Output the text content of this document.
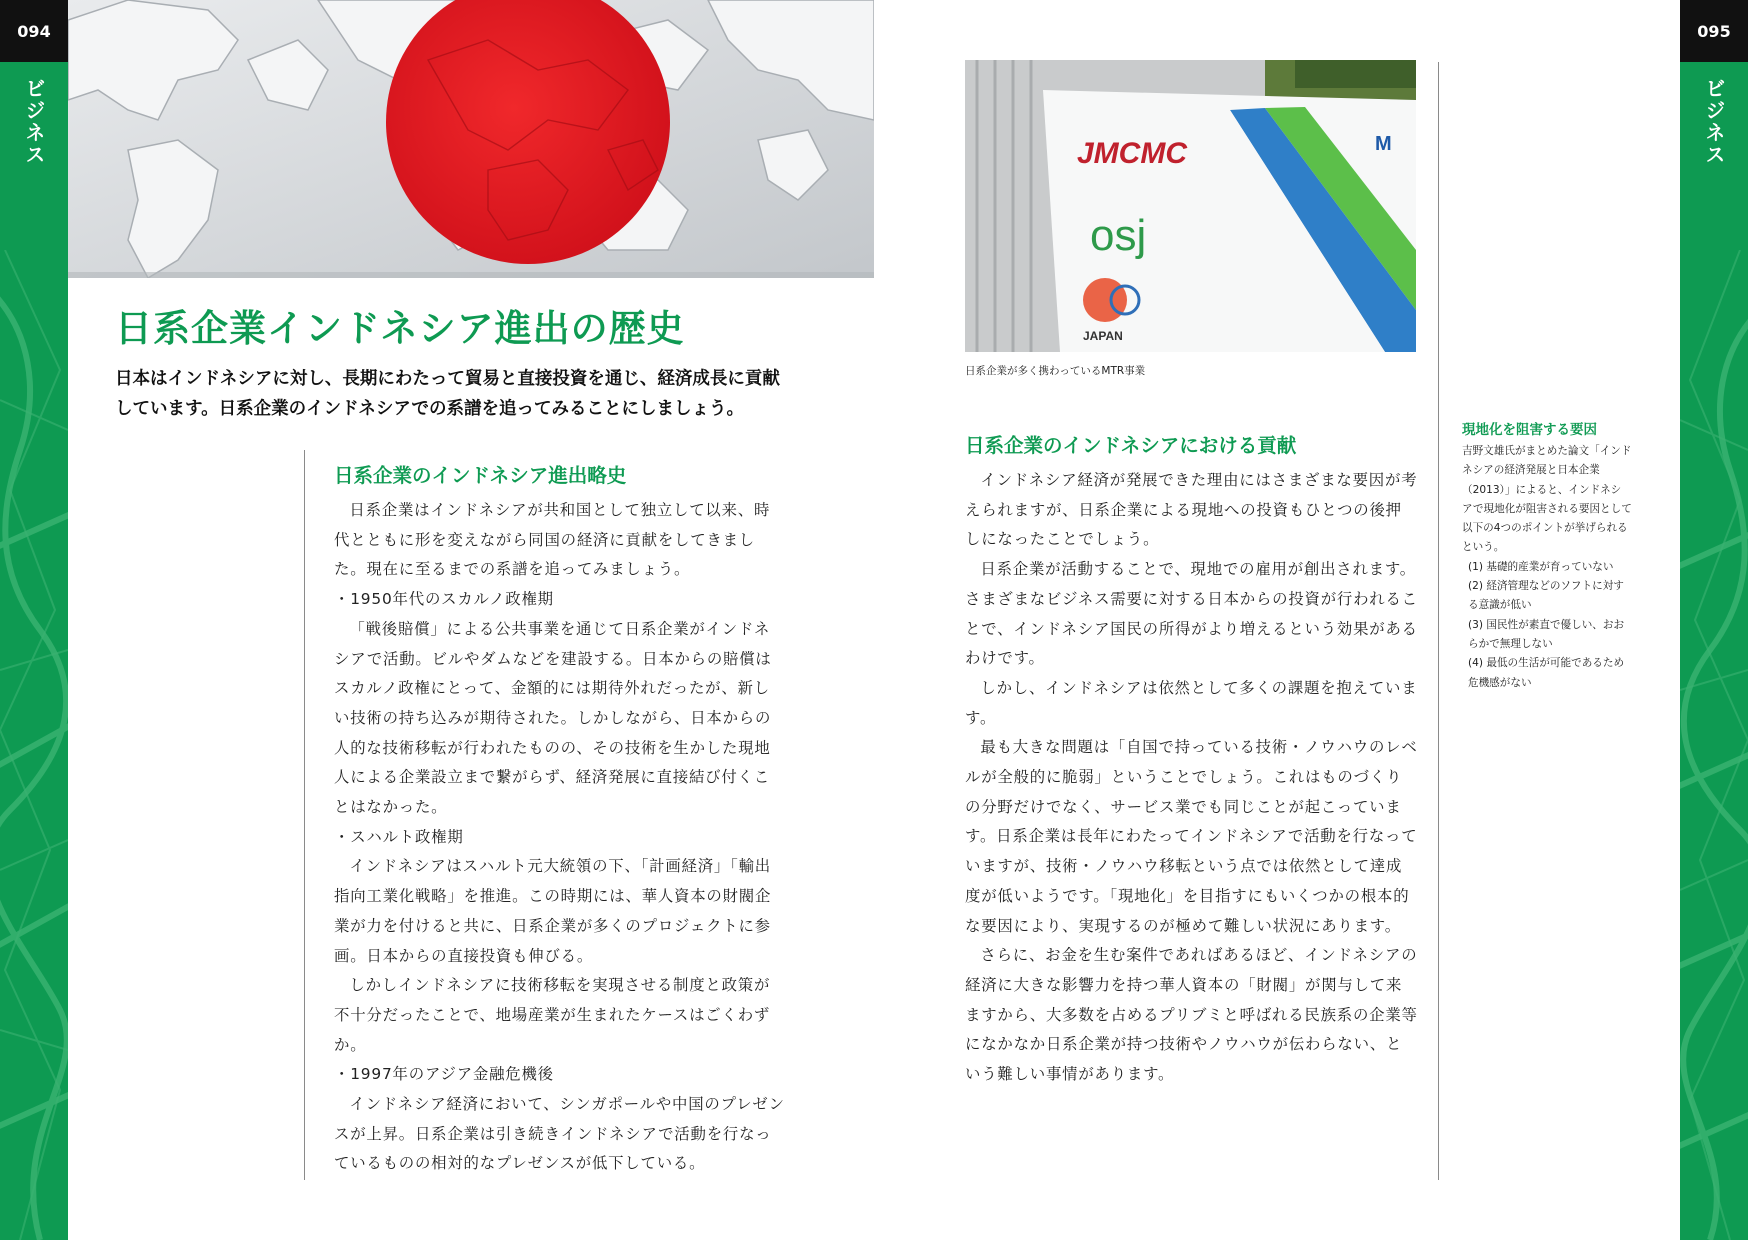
094
ビジネス
095
ビジネス
日系企業インドネシア進出の歴史

日本はインドネシアに対し、長期にわたって貿易と直接投資を通じ、経済成長に貢献しています。日系企業のインドネシアでの系譜を追ってみることにしましょう。

日系企業のインドネシア進出略史

日系企業はインドネシアが共和国として独立して以来、時代とともに形を変えながら同国の経済に貢献をしてきました。現在に至るまでの系譜を追ってみましょう。

・1950年代のスカルノ政権期

「戦後賠償」による公共事業を通じて日系企業がインドネシアで活動。ビルやダムなどを建設する。日本からの賠償はスカルノ政権にとって、金額的には期待外れだったが、新しい技術の持ち込みが期待された。しかしながら、日本からの人的な技術移転が行われたものの、その技術を生かした現地人による企業設立まで繋がらず、経済発展に直接結び付くことはなかった。

・スハルト政権期

インドネシアはスハルト元大統領の下、「計画経済」「輸出指向工業化戦略」を推進。この時期には、華人資本の財閥企業が力を付けると共に、日系企業が多くのプロジェクトに参画。日本からの直接投資も伸びる。

しかしインドネシアに技術移転を実現させる制度と政策が不十分だったことで、地場産業が生まれたケースはごくわずか。

・1997年のアジア金融危機後

インドネシア経済において、シンガポールや中国のプレゼンスが上昇。日系企業は引き続きインドネシアで活動を行なっているものの相対的なプレゼンスが低下している。

JMCMC
osj
JAPAN
M
日系企業が多く携わっているMTR事業
日系企業のインドネシアにおける貢献

インドネシア経済が発展できた理由にはさまざまな要因が考えられますが、日系企業による現地への投資もひとつの後押しになったことでしょう。

日系企業が活動することで、現地での雇用が創出されます。さまざまなビジネス需要に対する日本からの投資が行われることで、インドネシア国民の所得がより増えるという効果があるわけです。

しかし、インドネシアは依然として多くの課題を抱えています。

最も大きな問題は「自国で持っている技術・ノウハウのレベルが全般的に脆弱」ということでしょう。これはものづくりの分野だけでなく、サービス業でも同じことが起こっています。日系企業は長年にわたってインドネシアで活動を行なっていますが、技術・ノウハウ移転という点では依然として達成度が低いようです。「現地化」を目指すにもいくつかの根本的な要因により、実現するのが極めて難しい状況にあります。

さらに、お金を生む案件であればあるほど、インドネシアの経済に大きな影響力を持つ華人資本の「財閥」が関与して来ますから、大多数を占めるプリブミと呼ばれる民族系の企業等になかなか日系企業が持つ技術やノウハウが伝わらない、という難しい事情があります。

現地化を阻害する要因

吉野文雄氏がまとめた論文「インドネシアの経済発展と日本企業（2013）」によると、インドネシアで現地化が阻害される要因として以下の4つのポイントが挙げられるという。

(1) 基礎的産業が育っていない
(2) 経済管理などのソフトに対する意識が低い
(3) 国民性が素直で優しい、おおらかで無理しない
(4) 最低の生活が可能であるため危機感がない
